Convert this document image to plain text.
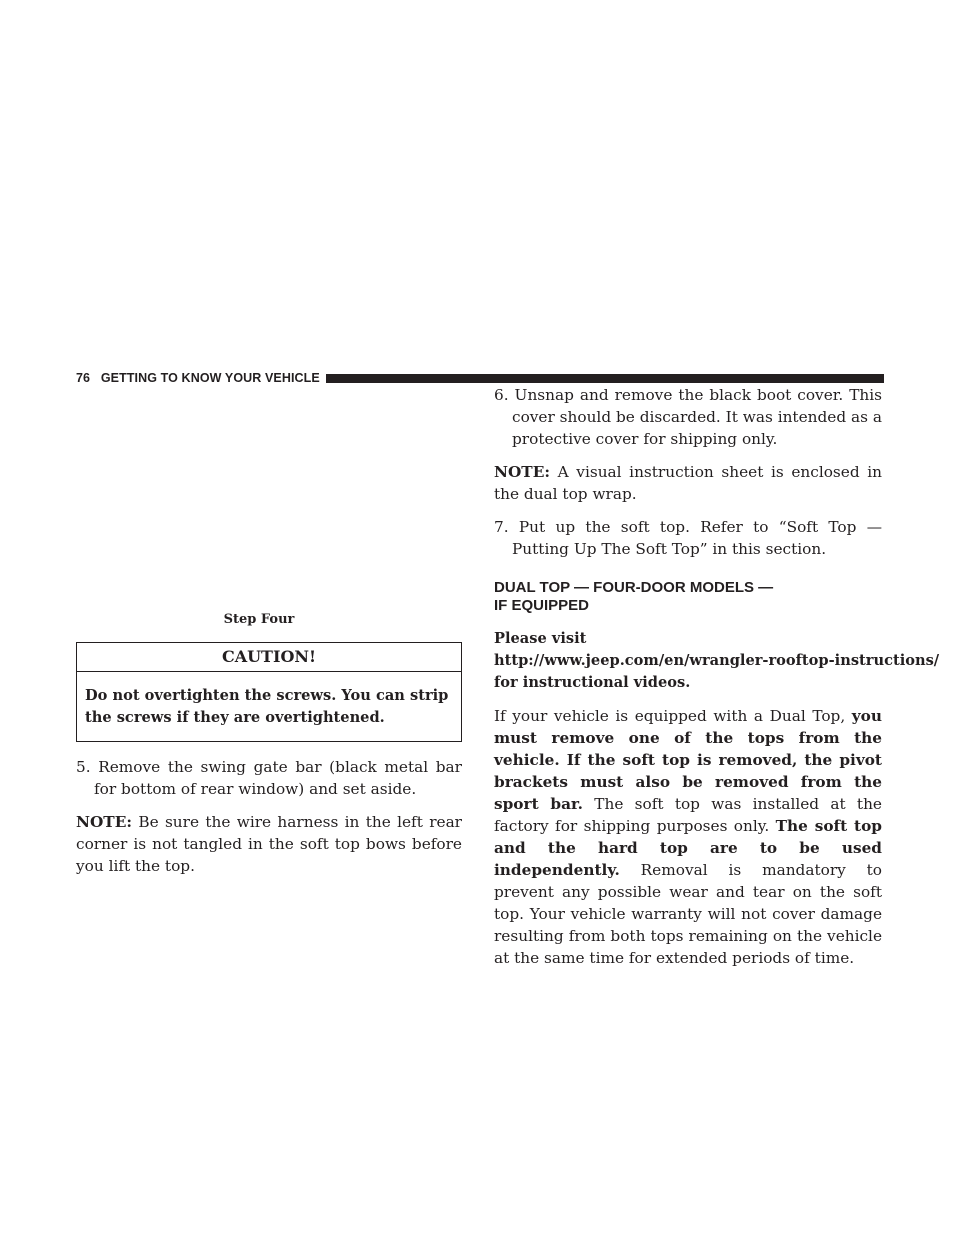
76 GETTING TO KNOW YOUR VEHICLE
Step Four
CAUTION!
Do not overtighten the screws. You can strip the screws if they are overtightened.

5. Remove the swing gate bar (black metal bar for bottom of rear window) and set aside.

NOTE: Be sure the wire harness in the left rear corner is not tangled in the soft top bows before you lift the top.

6. Unsnap and remove the black boot cover. This cover should be discarded. It was intended as a protective cover for shipping only.

NOTE: A visual instruction sheet is enclosed in the dual top wrap.

7. Put up the soft top. Refer to “Soft Top — Putting Up The Soft Top” in this section.

DUAL TOP — FOUR-DOOR MODELS —
IF EQUIPPED

Please visit
http://www.jeep.com/en/wrangler-rooftop-instructions/
for instructional videos.

If your vehicle is equipped with a Dual Top, you must remove one of the tops from the vehicle. If the soft top is removed, the pivot brackets must also be removed from the sport bar. The soft top was installed at the factory for shipping purposes only. The soft top and the hard top are to be used independently. Removal is mandatory to prevent any possible wear and tear on the soft top. Your vehicle warranty will not cover damage resulting from both tops remaining on the vehicle at the same time for extended periods of time.
